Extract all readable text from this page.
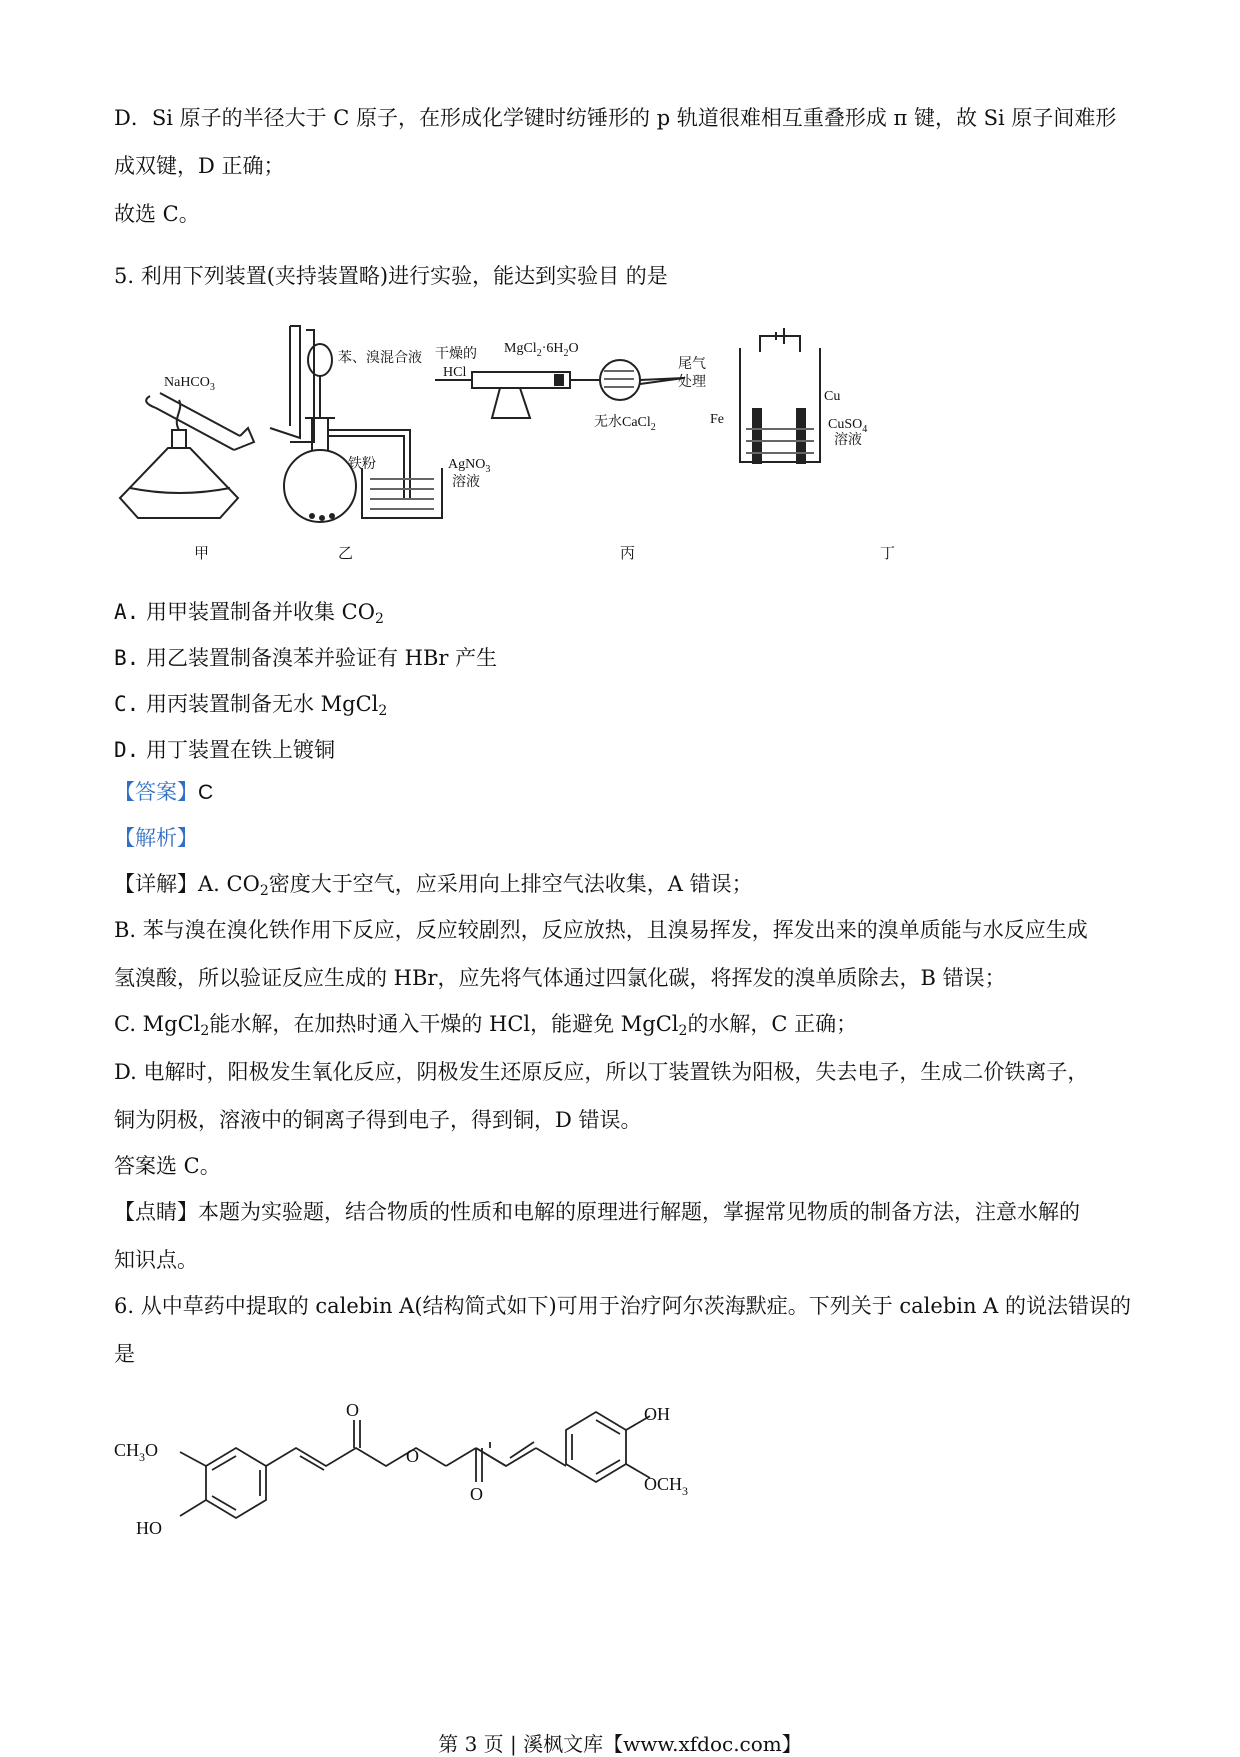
D．Si 原子的半径大于 C 原子，在形成化学键时纺锤形的 p 轨道很难相互重叠形成 π 键，故 Si 原子间难形
成双键，D 正确；
故选 C。
5. 利用下列装置(夹持装置略)进行实验，能达到实验目 的是
NaHCO$_3$
苯、溴混合液
铁粉	AgNO$_3$
溶液
干燥的
HCl
$MgCl_2\cdot 6H_2O$
无水CaCl$_2$
尾气
处理
Fe
Cu
CuSO$_4$
溶液
甲	乙	丙	丁
A. 用甲装置制备并收集 $CO_2$
B. 用乙装置制备溴苯并验证有 HBr 产生
C. 用丙装置制备无水 MgCl$_2$
D. 用丁装置在铁上镀铜
【答案】C
【解析】
【详解】A. $CO_2$密度大于空气，应采用向上排空气法收集，A 错误；
B. 苯与溴在溴化铁作用下反应，反应较剧烈，反应放热，且溴易挥发，挥发出来的溴单质能与水反应生成
氢溴酸，所以验证反应生成的 HBr，应先将气体通过四氯化碳，将挥发的溴单质除去，B 错误；
C. MgCl$_2$能水解，在加热时通入干燥的 HCl，能避免 MgCl$_2$的水解，C 正确；
D. 电解时，阳极发生氧化反应，阴极发生还原反应，所以丁装置铁为阳极，失去电子，生成二价铁离子，
铜为阴极，溶液中的铜离子得到电子，得到铜，D 错误。
答案选 C。
【点睛】本题为实验题，结合物质的性质和电解的原理进行解题，掌握常见物质的制备方法，注意水解的
知识点。
6. 从中草药中提取的 calebin A(结构简式如下)可用于治疗阿尔茨海默症。下列关于 calebin A 的说法错误的
是
$CH_3O$
HO
O
O
O
OH
$OCH_3$
第 3 页 | 溪枫文库【www.xfdoc.com】
